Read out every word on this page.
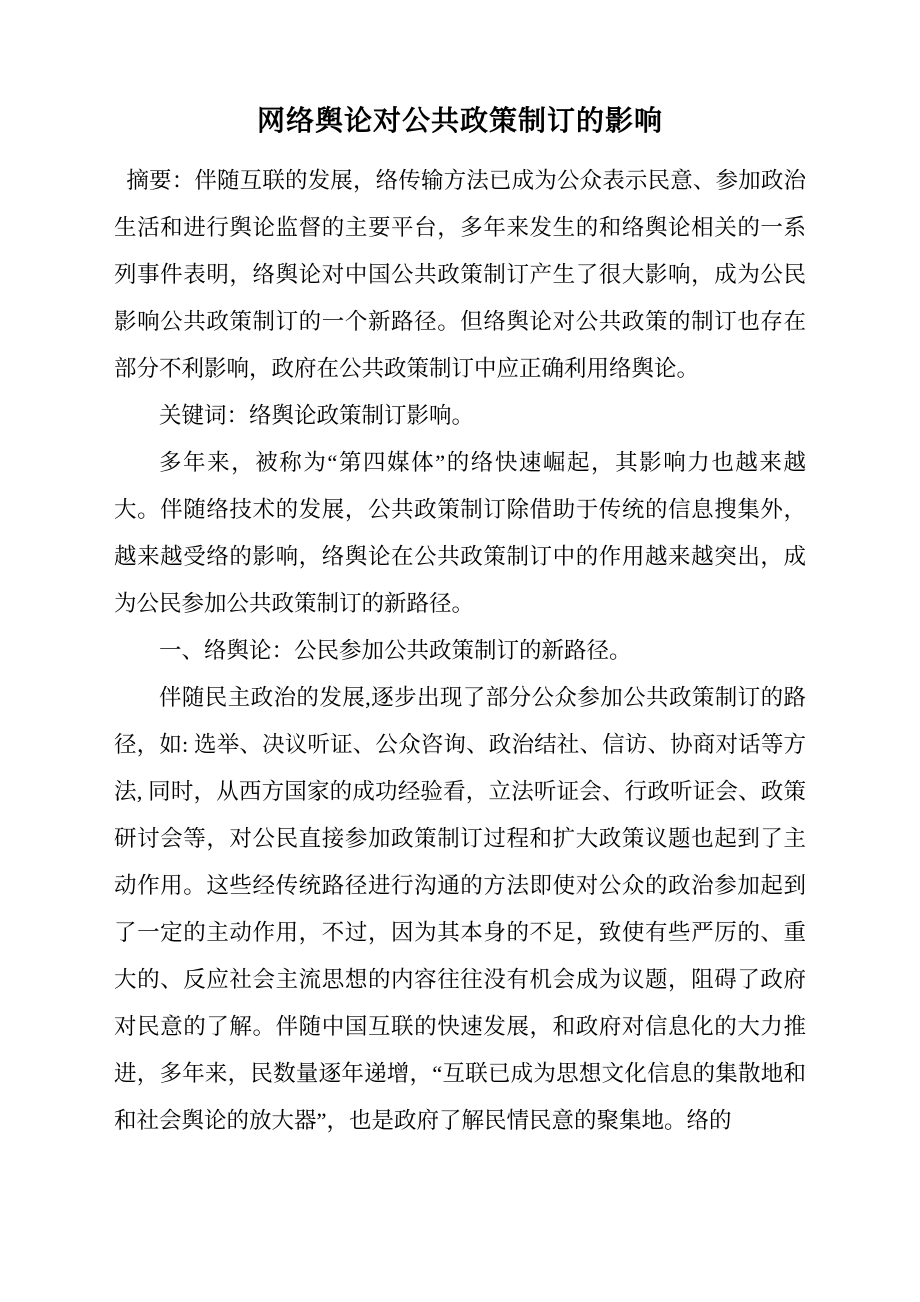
网络舆论对公共政策制订的影响

摘要：伴随互联的发展，络传输方法已成为公众表示民意、参加政治生活和进行舆论监督的主要平台，多年来发生的和络舆论相关的一系列事件表明，络舆论对中国公共政策制订产生了很大影响，成为公民影响公共政策制订的一个新路径。但络舆论对公共政策的制订也存在部分不利影响，政府在公共政策制订中应正确利用络舆论。

关键词：络舆论政策制订影响。

多年来，被称为“第四媒体”的络快速崛起，其影响力也越来越大。伴随络技术的发展，公共政策制订除借助于传统的信息搜集外，越来越受络的影响，络舆论在公共政策制订中的作用越来越突出，成为公民参加公共政策制订的新路径。

一、络舆论：公民参加公共政策制订的新路径。

伴随民主政治的发展,逐步出现了部分公众参加公共政策制订的路径，如: 选举、决议听证、公众咨询、政治结社、信访、协商对话等方法, 同时，从西方国家的成功经验看，立法听证会、行政听证会、政策研讨会等，对公民直接参加政策制订过程和扩大政策议题也起到了主动作用。这些经传统路径进行沟通的方法即使对公众的政治参加起到了一定的主动作用，不过，因为其本身的不足，致使有些严厉的、重大的、反应社会主流思想的内容往往没有机会成为议题，阻碍了政府对民意的了解。伴随中国互联的快速发展，和政府对信息化的大力推进，多年来，民数量逐年递增，“互联已成为思想文化信息的集散地和和社会舆论的放大器”，也是政府了解民情民意的聚集地。络的
